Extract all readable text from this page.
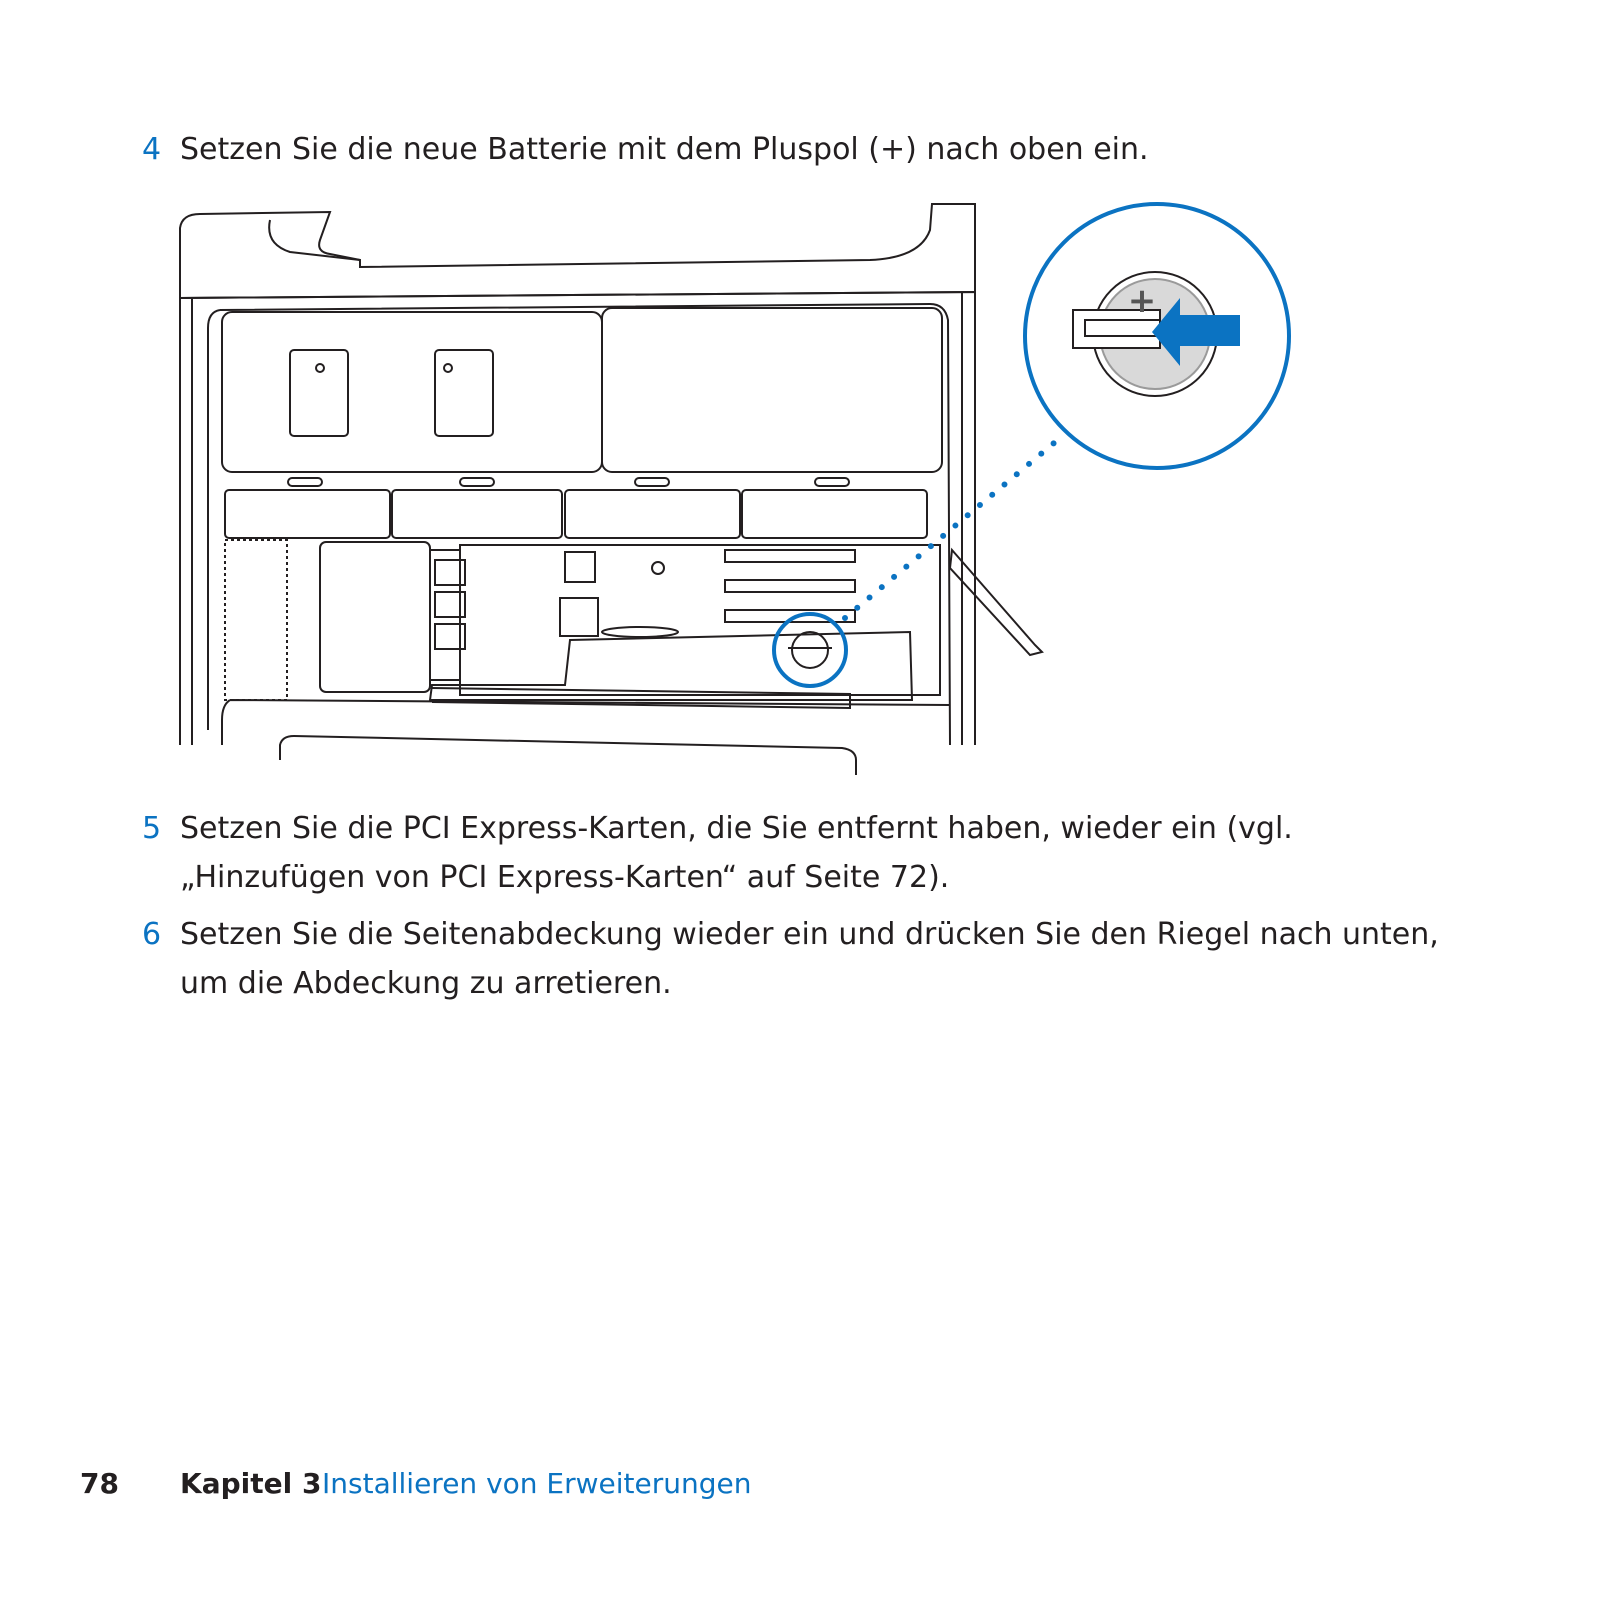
4 Setzen Sie die neue Batterie mit dem Pluspol (+) nach oben ein.
+
5 Setzen Sie die PCI Express-Karten, die Sie entfernt haben, wieder ein (vgl. „Hinzufügen von PCI Express-Karten“ auf Seite 72).
6 Setzen Sie die Seitenabdeckung wieder ein und drücken Sie den Riegel nach unten, um die Abdeckung zu arretieren.
78 Kapitel 3 Installieren von Erweiterungen
